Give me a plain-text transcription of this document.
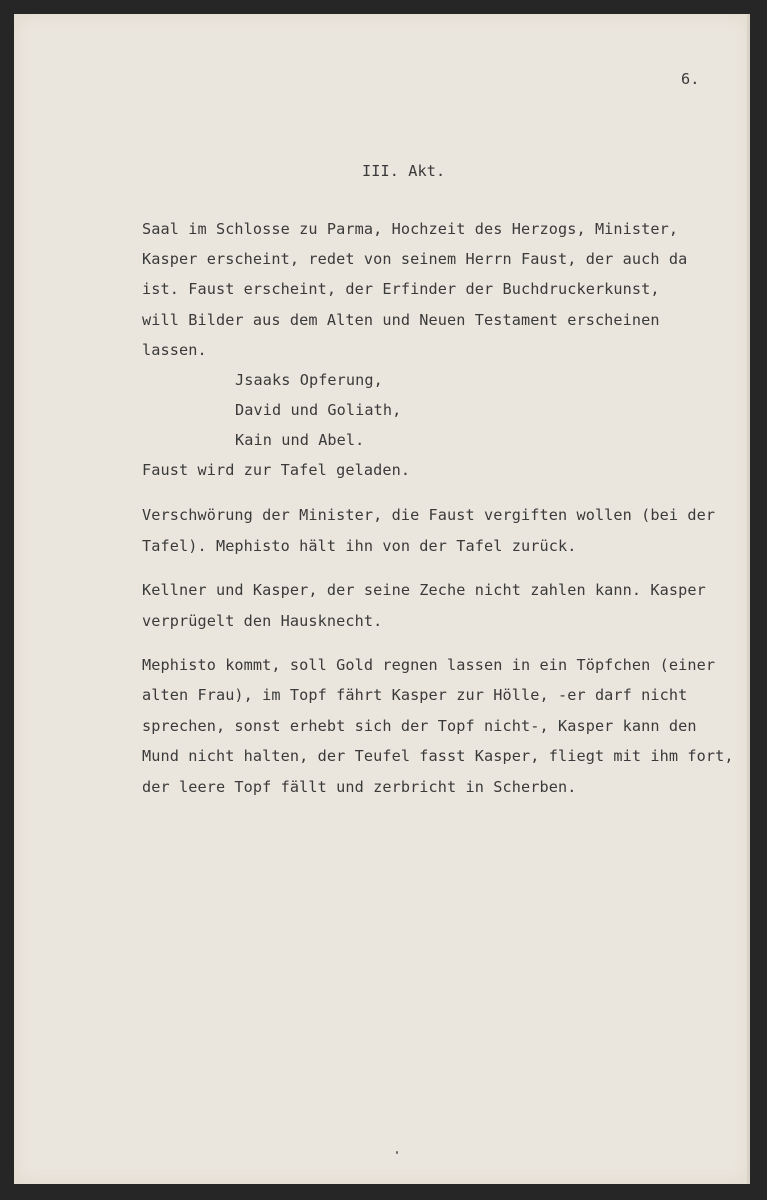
6.
III. Akt.
Saal im Schlosse zu Parma, Hochzeit des Herzogs, Minister,
Kasper erscheint, redet von seinem Herrn Faust, der auch da
ist. Faust erscheint, der Erfinder der Buchdruckerkunst,
will Bilder aus dem Alten und Neuen Testament erscheinen
lassen.
Jsaaks Opferung,
David und Goliath,
Kain und Abel.
Faust wird zur Tafel geladen.
Verschwörung der Minister, die Faust vergiften wollen (bei der
Tafel). Mephisto hält ihn von der Tafel zurück.
Kellner und Kasper, der seine Zeche nicht zahlen kann. Kasper
verprügelt den Hausknecht.
Mephisto kommt, soll Gold regnen lassen in ein Töpfchen (einer
alten Frau), im Topf fährt Kasper zur Hölle, -er darf nicht
sprechen, sonst erhebt sich der Topf nicht-, Kasper kann den
Mund nicht halten, der Teufel fasst Kasper, fliegt mit ihm fort,
der leere Topf fällt und zerbricht in Scherben.
